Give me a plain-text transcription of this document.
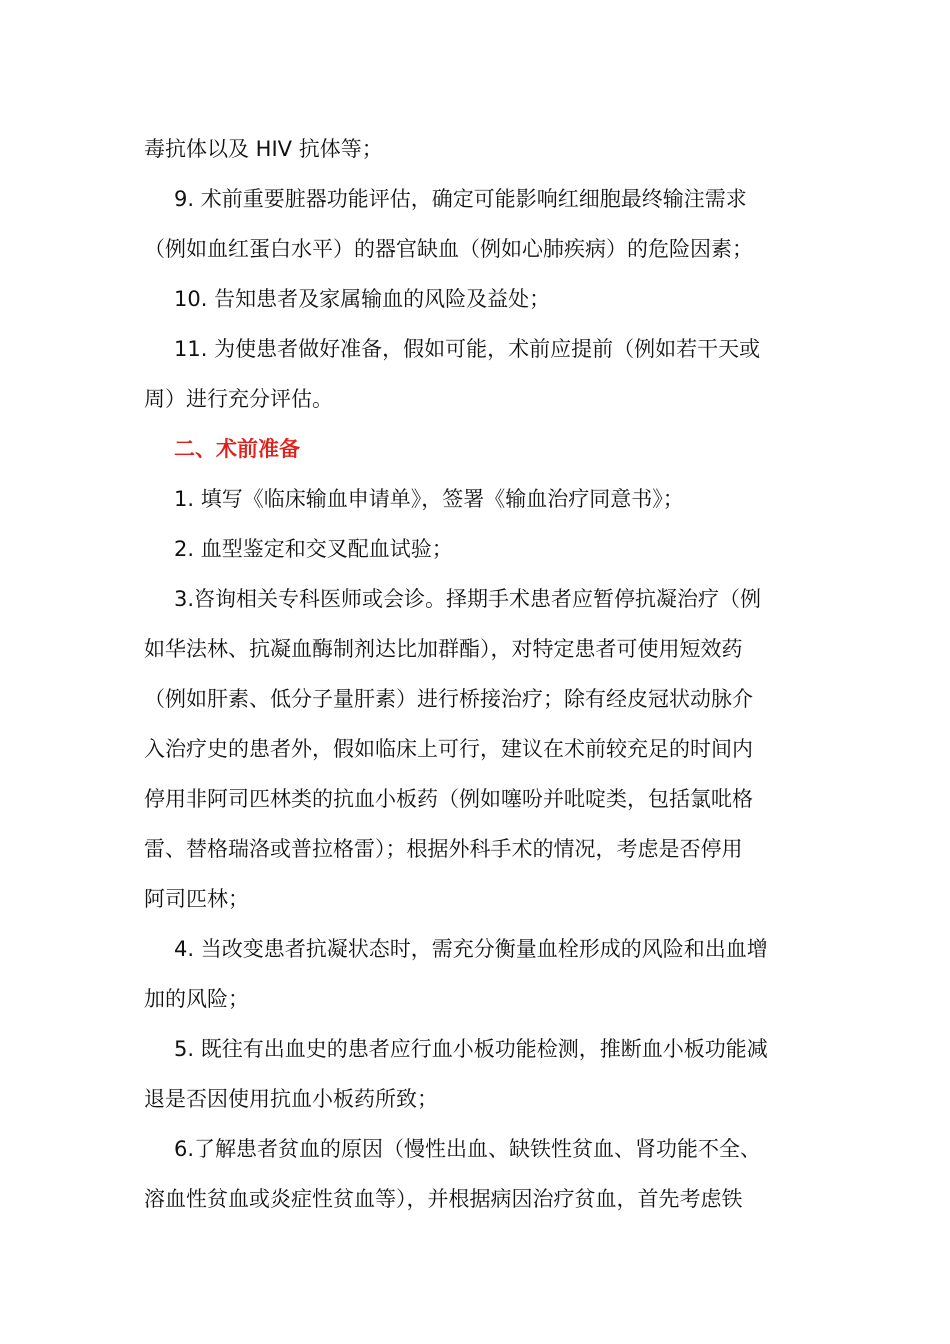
毒抗体以及 HIV 抗体等；
9. 术前重要脏器功能评估，确定可能影响红细胞最终输注需求
（例如血红蛋白水平）的器官缺血（例如心肺疾病）的危险因素；
10. 告知患者及家属输血的风险及益处；
11. 为使患者做好准备，假如可能，术前应提前（例如若干天或
周）进行充分评估。
二、术前准备
1. 填写《临床输血申请单》，签署《输血治疗同意书》；
2. 血型鉴定和交叉配血试验；
3.咨询相关专科医师或会诊。择期手术患者应暂停抗凝治疗（例
如华法林、抗凝血酶制剂达比加群酯），对特定患者可使用短效药
（例如肝素、低分子量肝素）进行桥接治疗；除有经皮冠状动脉介
入治疗史的患者外，假如临床上可行，建议在术前较充足的时间内
停用非阿司匹林类的抗血小板药（例如噻吩并吡啶类，包括氯吡格
雷、替格瑞洛或普拉格雷）；根据外科手术的情况，考虑是否停用
阿司匹林；
4. 当改变患者抗凝状态时，需充分衡量血栓形成的风险和出血增
加的风险；
5. 既往有出血史的患者应行血小板功能检测，推断血小板功能减
退是否因使用抗血小板药所致；
6.了解患者贫血的原因（慢性出血、缺铁性贫血、肾功能不全、
溶血性贫血或炎症性贫血等），并根据病因治疗贫血，首先考虑铁
